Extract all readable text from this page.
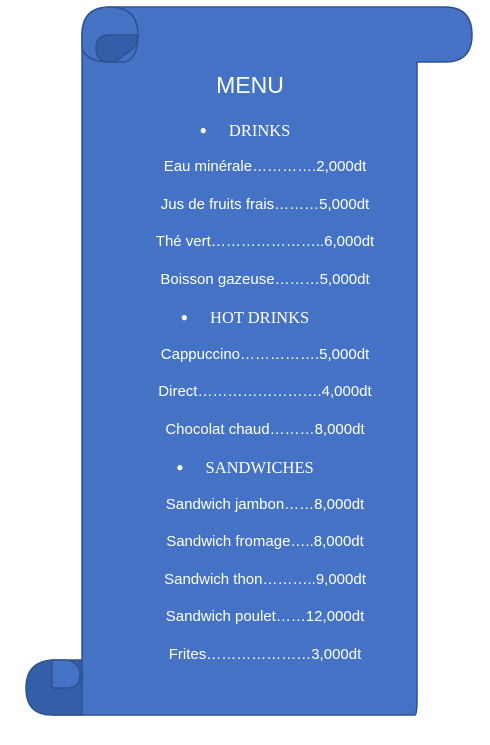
MENU
● DRINKS
Eau minérale………….2,000dt
Jus de fruits frais………5,000dt
Thé vert…………………..6,000dt
Boisson gazeuse………5,000dt
● HOT DRINKS
Cappuccino…………….5,000dt
Direct…………………….4,000dt
Chocolat chaud………8,000dt
● SANDWICHES
Sandwich jambon……8,000dt
Sandwich fromage…..8,000dt
Sandwich thon………..9,000dt
Sandwich poulet……12,000dt
Frites…………………3,000dt
